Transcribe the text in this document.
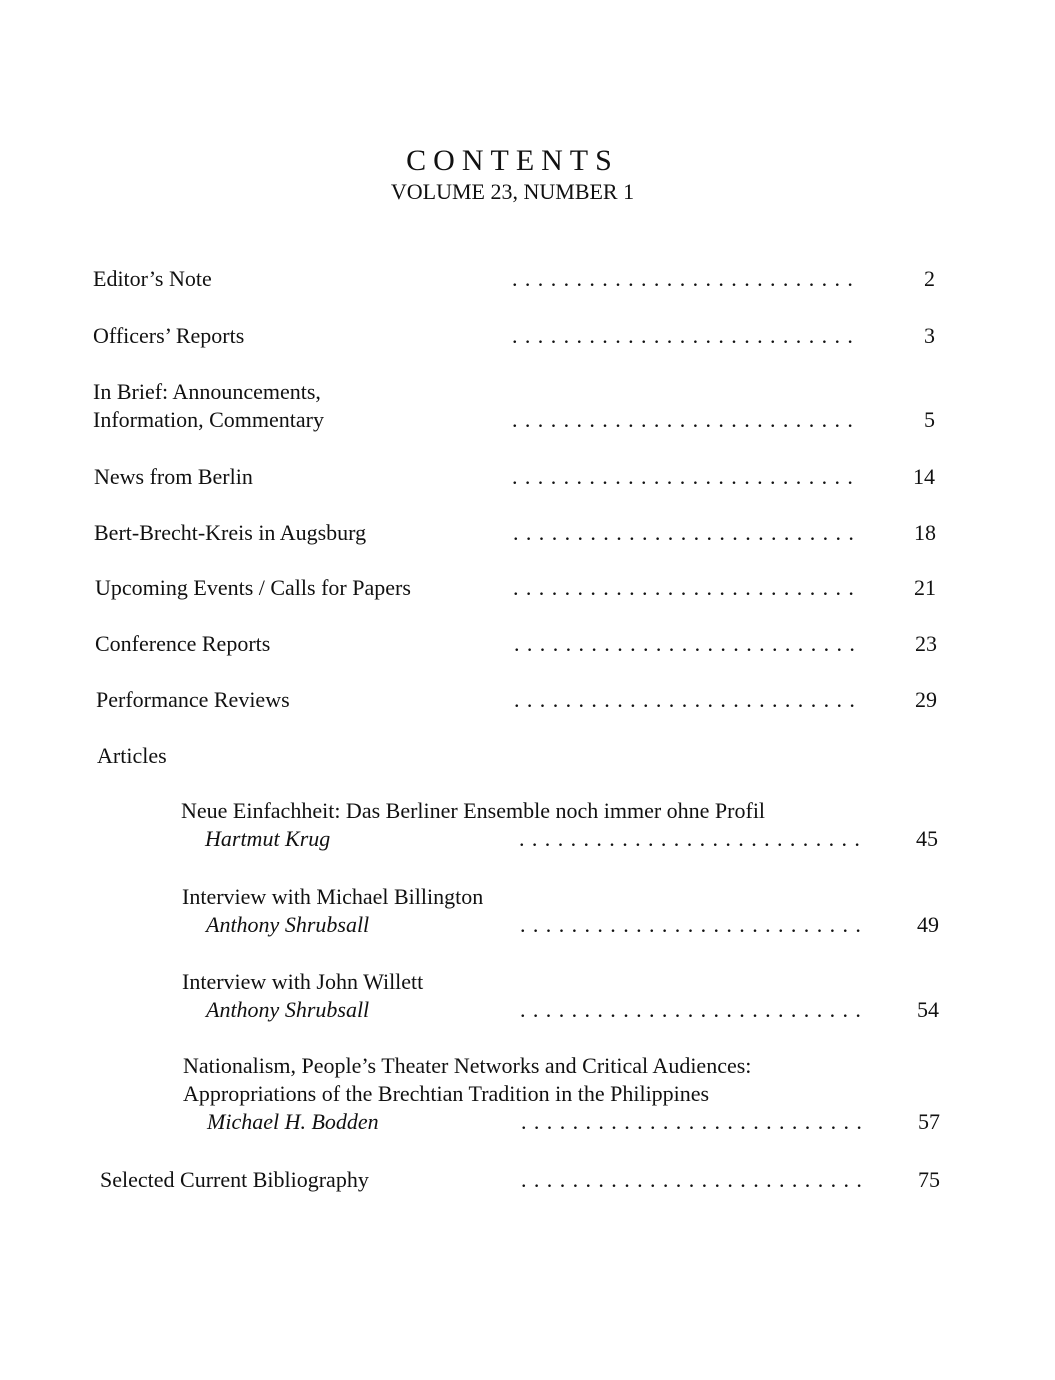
CONTENTS
VOLUME 23, NUMBER 1
Editor’s Note	...........................	2
Officers’ Reports	...........................	3
In Brief: Announcements,
Information, Commentary	...........................	5
News from Berlin	...........................	14
Bert-Brecht-Kreis in Augsburg	...........................	18
Upcoming Events / Calls for Papers	...........................	21
Conference Reports	...........................	23
Performance Reviews	...........................	29
Articles
Neue Einfachheit: Das Berliner Ensemble noch immer ohne Profil
Hartmut Krug	...........................	45
Interview with Michael Billington
Anthony Shrubsall	...........................	49
Interview with John Willett
Anthony Shrubsall	...........................	54
Nationalism, People’s Theater Networks and Critical Audiences:
Appropriations of the Brechtian Tradition in the Philippines
Michael H. Bodden	...........................	57
Selected Current Bibliography	...........................	75
